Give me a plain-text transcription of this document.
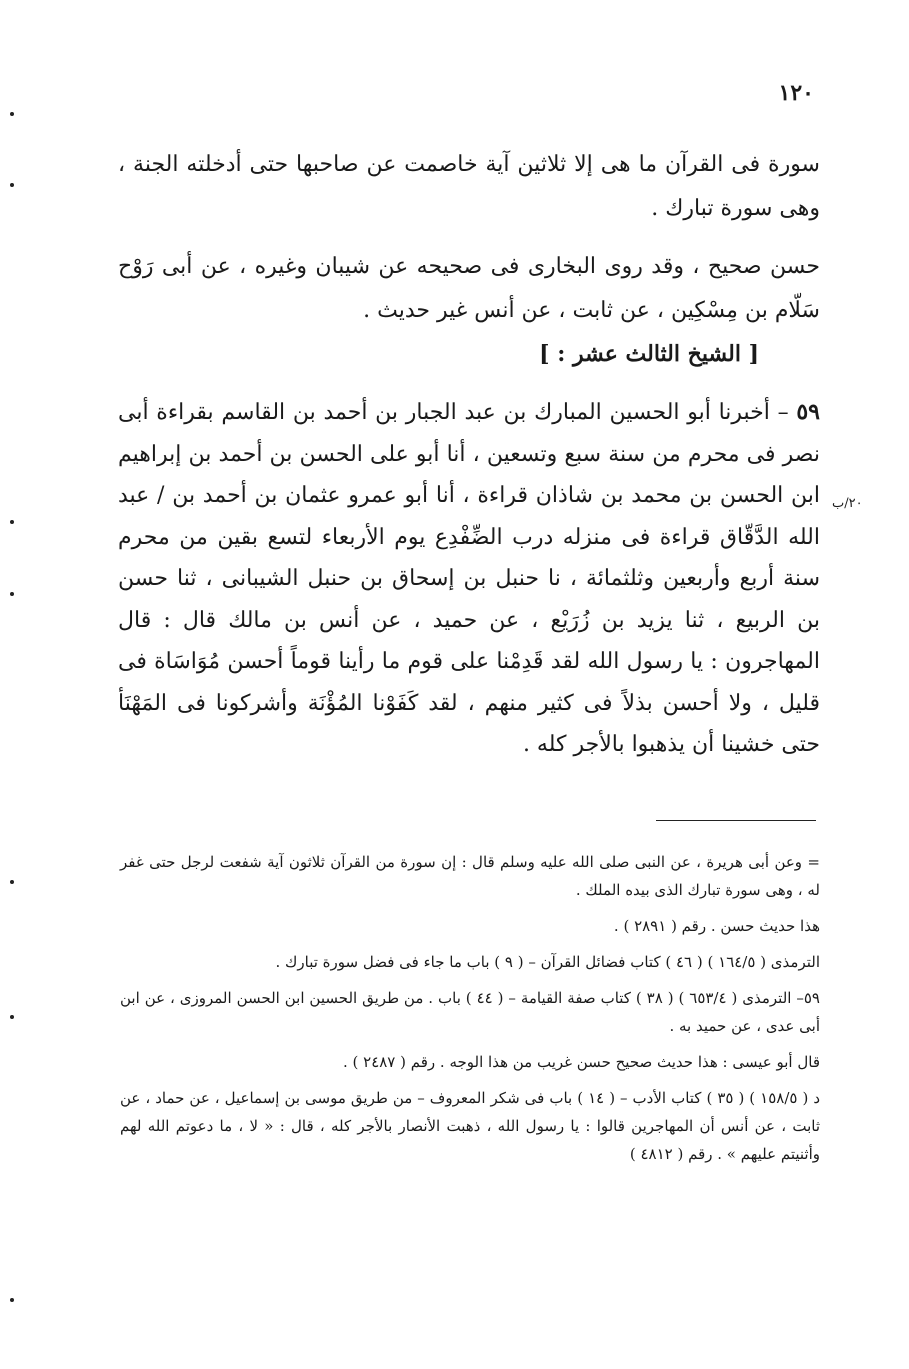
١٢٠
سورة فى القرآن ما هى إلا ثلاثين آية خاصمت عن صاحبها حتى أدخلته الجنة ، وهى سورة تبارك .
حسن صحيح ، وقد روى البخارى فى صحيحه عن شيبان وغيره ، عن أبى رَوْح سَلّام بن مِسْكِين ، عن ثابت ، عن أنس غير حديث .
[ الشيخ الثالث عشر : ]
٥٩ – أخبرنا أبو الحسين المبارك بن عبد الجبار بن أحمد بن القاسم بقراءة أبى نصر فى محرم من سنة سبع وتسعين ، أنا أبو على الحسن بن أحمد بن إبراهيم ابن الحسن بن محمد بن شاذان قراءة ، أنا أبو عمرو عثمان بن أحمد بن / عبد الله الدَّقّاق قراءة فى منزله درب الضِّفْدِع يوم الأربعاء لتسع بقين من محرم سنة أربع وأربعين وثلثمائة ، نا حنبل بن إسحاق بن حنبل الشيبانى ، ثنا حسن بن الربيع ، ثنا يزيد بن زُرَيْع ، عن حميد ، عن أنس بن مالك قال : قال المهاجرون : يا رسول الله لقد قَدِمْنا على قوم ما رأينا قوماً أحسن مُوَاسَاة فى قليل ، ولا أحسن بذلاً فى كثير منهم ، لقد كَفَوْنا المُؤْنَة وأشركونا فى المَهْنَأ حتى خشينا أن يذهبوا بالأجر كله .
٢٠/ب

= وعن أبى هريرة ، عن النبى صلى الله عليه وسلم قال : إن سورة من القرآن ثلاثون آية شفعت لرجل حتى غفر له ، وهى سورة تبارك الذى بيده الملك .

هذا حديث حسن . رقم ( ٢٨٩١ ) .

الترمذى ( ١٦٤/٥ ) ( ٤٦ ) كتاب فضائل القرآن – ( ٩ ) باب ما جاء فى فضل سورة تبارك .

٥٩– الترمذى ( ٦٥٣/٤ ) ( ٣٨ ) كتاب صفة القيامة – ( ٤٤ ) باب . من طريق الحسين ابن الحسن المروزى ، عن ابن أبى عدى ، عن حميد به .

قال أبو عيسى : هذا حديث صحيح حسن غريب من هذا الوجه . رقم ( ٢٤٨٧ ) .

د ( ١٥٨/٥ ) ( ٣٥ ) كتاب الأدب – ( ١٤ ) باب فى شكر المعروف – من طريق موسى بن إسماعيل ، عن حماد ، عن ثابت ، عن أنس أن المهاجرين قالوا : يا رسول الله ، ذهبت الأنصار بالأجر كله ، قال : « لا ، ما دعوتم الله لهم وأثنيتم عليهم » . رقم ( ٤٨١٢ )
